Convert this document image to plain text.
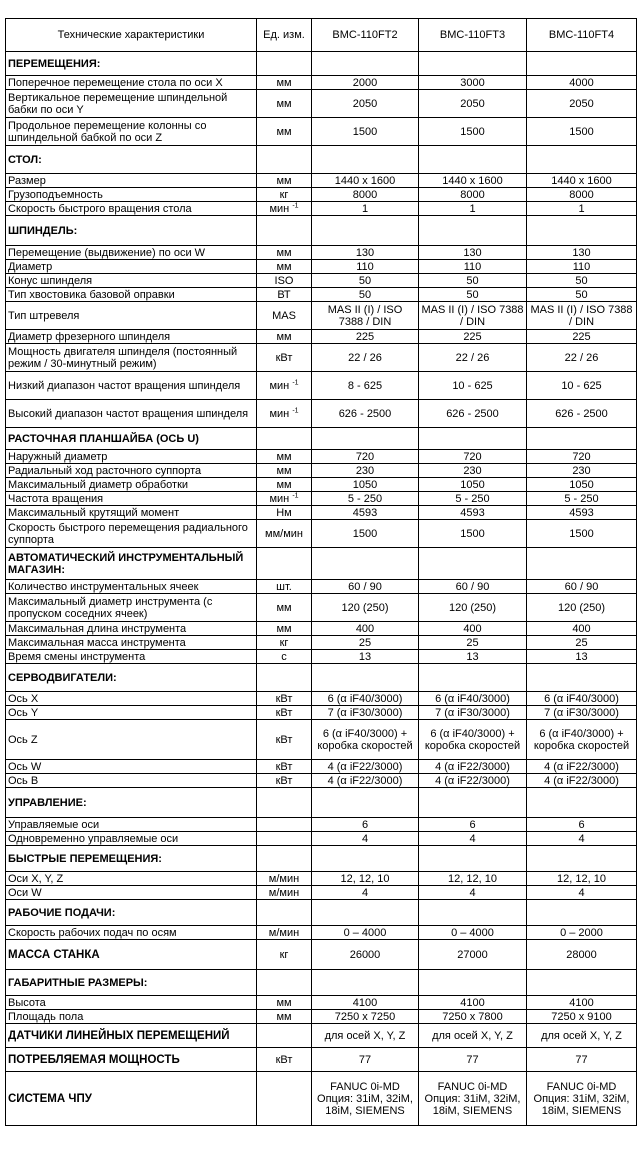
Технические характеристики	Ед. изм.	BMC-110FT2	BMC-110FT3	BMC-110FT4
ПЕРЕМЕЩЕНИЯ:				
Поперечное перемещение стола по оси X	мм	2000	3000	4000
Вертикальное перемещение шпиндельной бабки по оси Y	мм	2050	2050	2050
Продольное перемещение колонны со шпиндельной бабкой по оси Z	мм	1500	1500	1500
СТОЛ:				
Размер	мм	1440 x 1600	1440 x 1600	1440 x 1600
Грузоподъемность	кг	8000	8000	8000
Скорость быстрого вращения стола	мин $^{-1}$	1	1	1
ШПИНДЕЛЬ:				
Перемещение (выдвижение) по оси W	мм	130	130	130
Диаметр	мм	110	110	110
Конус шпинделя	ISO	50	50	50
Тип хвостовика базовой оправки	ВТ	50	50	50
Тип штревеля	MAS	MAS II (I) / ISO 7388 / DIN	MAS II (I) / ISO 7388 / DIN	MAS II (I) / ISO 7388 / DIN
Диаметр фрезерного шпинделя	мм	225	225	225
Мощность двигателя шпинделя (постоянный режим / 30-минутный режим)	кВт	22 / 26	22 / 26	22 / 26
Низкий диапазон частот вращения шпинделя	мин $^{-1}$	8 - 625	10 - 625	10 - 625
Высокий диапазон частот вращения шпинделя	мин $^{-1}$	626 - 2500	626 - 2500	626 - 2500
РАСТОЧНАЯ ПЛАНШАЙБА (ОСЬ U)				
Наружный диаметр	мм	720	720	720
Радиальный ход расточного суппорта	мм	230	230	230
Максимальный диаметр обработки	мм	1050	1050	1050
Частота вращения	мин $^{-1}$	5 - 250	5 - 250	5 - 250
Максимальный крутящий момент	Нм	4593	4593	4593
Скорость быстрого перемещения радиального суппорта	мм/мин	1500	1500	1500
АВТОМАТИЧЕСКИЙ ИНСТРУМЕНТАЛЬНЫЙ МАГАЗИН:				
Количество инструментальных ячеек	шт.	60 / 90	60 / 90	60 / 90
Максимальный диаметр инструмента (с пропуском соседних ячеек)	мм	120 (250)	120 (250)	120 (250)
Максимальная длина инструмента	мм	400	400	400
Максимальная масса инструмента	кг	25	25	25
Время смены инструмента	с	13	13	13
СЕРВОДВИГАТЕЛИ:				
Ось X	кВт	6 (α iF40/3000)	6 (α iF40/3000)	6 (α iF40/3000)
Ось Y	кВт	7 (α iF30/3000)	7 (α iF30/3000)	7 (α iF30/3000)
Ось Z	кВт	6 (α iF40/3000) + коробка скоростей	6 (α iF40/3000) + коробка скоростей	6 (α iF40/3000) + коробка скоростей
Ось W	кВт	4 (α iF22/3000)	4 (α iF22/3000)	4 (α iF22/3000)
Ось B	кВт	4 (α iF22/3000)	4 (α iF22/3000)	4 (α iF22/3000)
УПРАВЛЕНИЕ:				
Управляемые оси		6	6	6
Одновременно управляемые оси		4	4	4
БЫСТРЫЕ ПЕРЕМЕЩЕНИЯ:				
Оси X, Y, Z	м/мин	12, 12, 10	12, 12, 10	12, 12, 10
Оси W	м/мин	4	4	4
РАБОЧИЕ ПОДАЧИ:				
Скорость рабочих подач по осям	м/мин	0 – 4000	0 – 4000	0 – 2000
МАССА СТАНКА	кг	26000	27000	28000
ГАБАРИТНЫЕ РАЗМЕРЫ:				
Высота	мм	4100	4100	4100
Площадь пола	мм	7250 x 7250	7250 x 7800	7250 x 9100
ДАТЧИКИ ЛИНЕЙНЫХ ПЕРЕМЕЩЕНИЙ		для осей X, Y, Z	для осей X, Y, Z	для осей X, Y, Z
ПОТРЕБЛЯЕМАЯ МОЩНОСТЬ	кВт	77	77	77
СИСТЕМА ЧПУ		FANUC 0i-MD Опция: 31iM, 32iM, 18iM, SIEMENS	FANUC 0i-MD Опция: 31iM, 32iM, 18iM, SIEMENS	FANUC 0i-MD Опция: 31iM, 32iM, 18iM, SIEMENS
